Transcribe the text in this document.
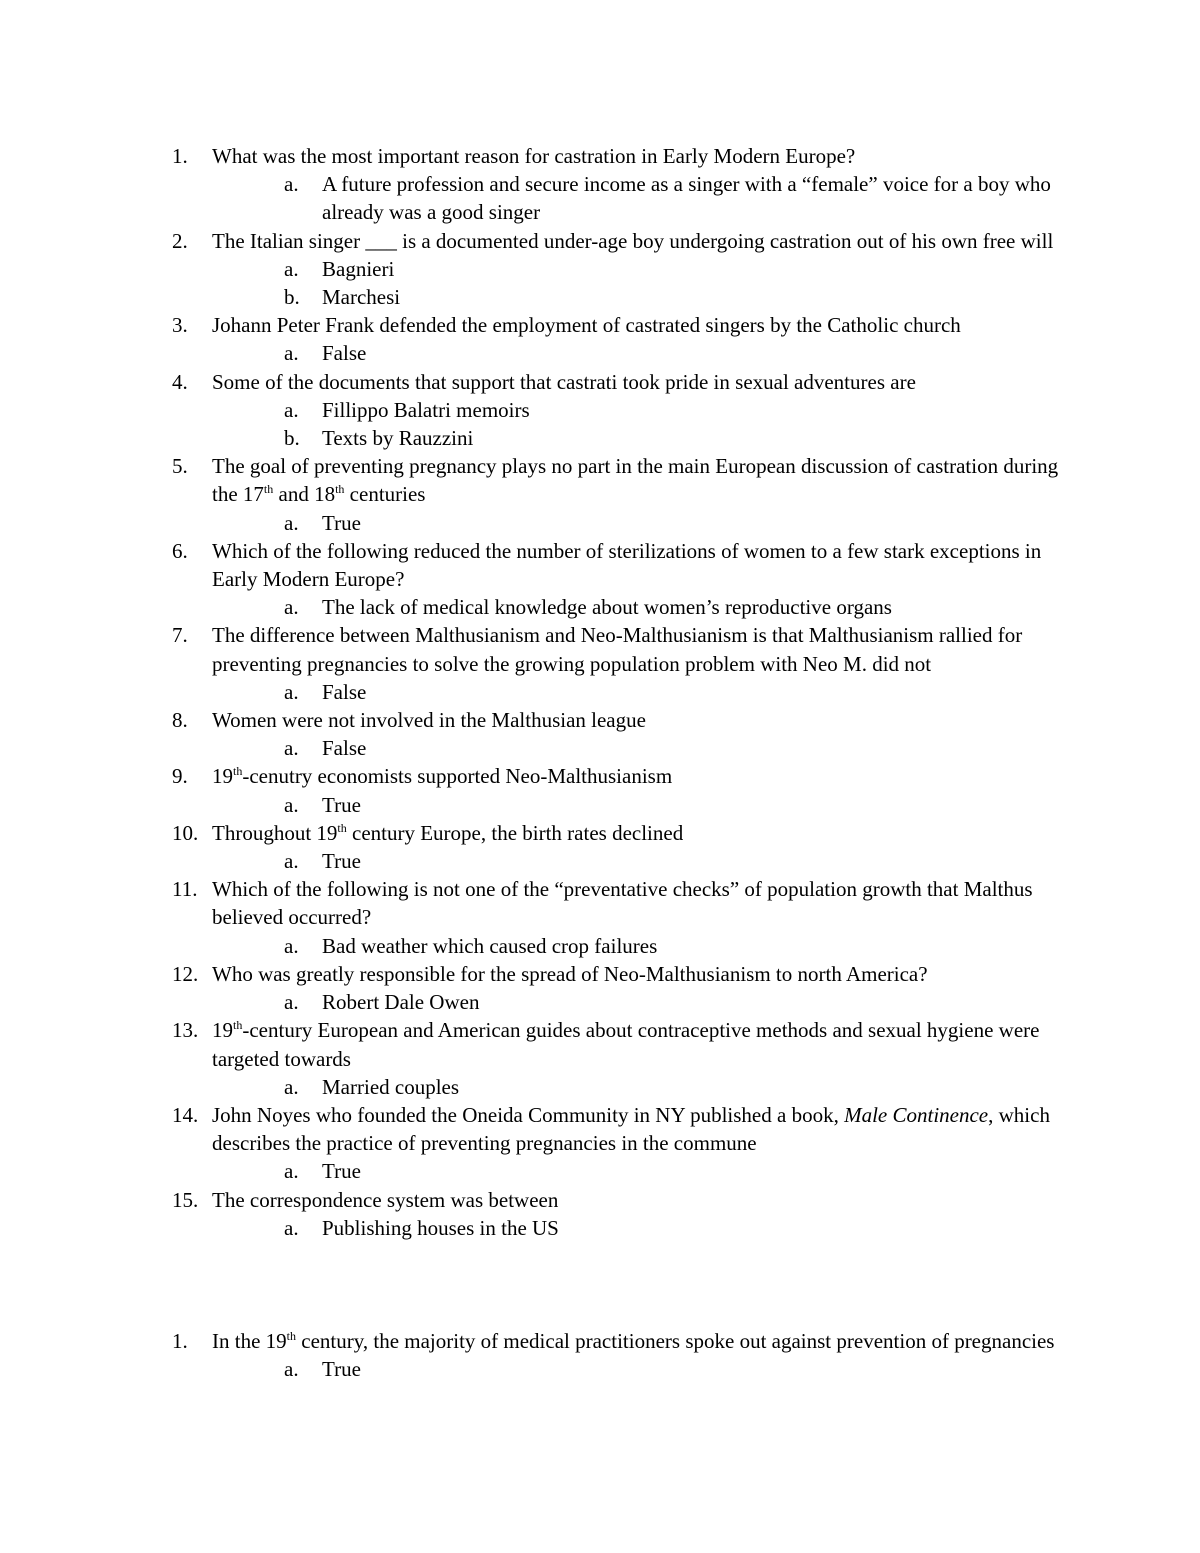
1. What was the most important reason for castration in Early Modern Europe?
a. A future profession and secure income as a singer with a “female” voice for a boy who already was a good singer
2. The Italian singer ___ is a documented under-age boy undergoing castration out of his own free will
a. Bagnieri
b. Marchesi
3. Johann Peter Frank defended the employment of castrated singers by the Catholic church
a. False
4. Some of the documents that support that castrati took pride in sexual adventures are
a. Fillippo Balatri memoirs
b. Texts by Rauzzini
5. The goal of preventing pregnancy plays no part in the main European discussion of castration during the 17th and 18th centuries
a. True
6. Which of the following reduced the number of sterilizations of women to a few stark exceptions in Early Modern Europe?
a. The lack of medical knowledge about women’s reproductive organs
7. The difference between Malthusianism and Neo-Malthusianism is that Malthusianism rallied for preventing pregnancies to solve the growing population problem with Neo M. did not
a. False
8. Women were not involved in the Malthusian league
a. False
9. 19th-cenutry economists supported Neo-Malthusianism
a. True
10. Throughout 19th century Europe, the birth rates declined
a. True
11. Which of the following is not one of the “preventative checks” of population growth that Malthus believed occurred?
a. Bad weather which caused crop failures
12. Who was greatly responsible for the spread of Neo-Malthusianism to north America?
a. Robert Dale Owen
13. 19th-century European and American guides about contraceptive methods and sexual hygiene were targeted towards
a. Married couples
14. John Noyes who founded the Oneida Community in NY published a book, Male Continence, which describes the practice of preventing pregnancies in the commune
a. True
15. The correspondence system was between
a. Publishing houses in the US
1. In the 19th century, the majority of medical practitioners spoke out against prevention of pregnancies
a. True
